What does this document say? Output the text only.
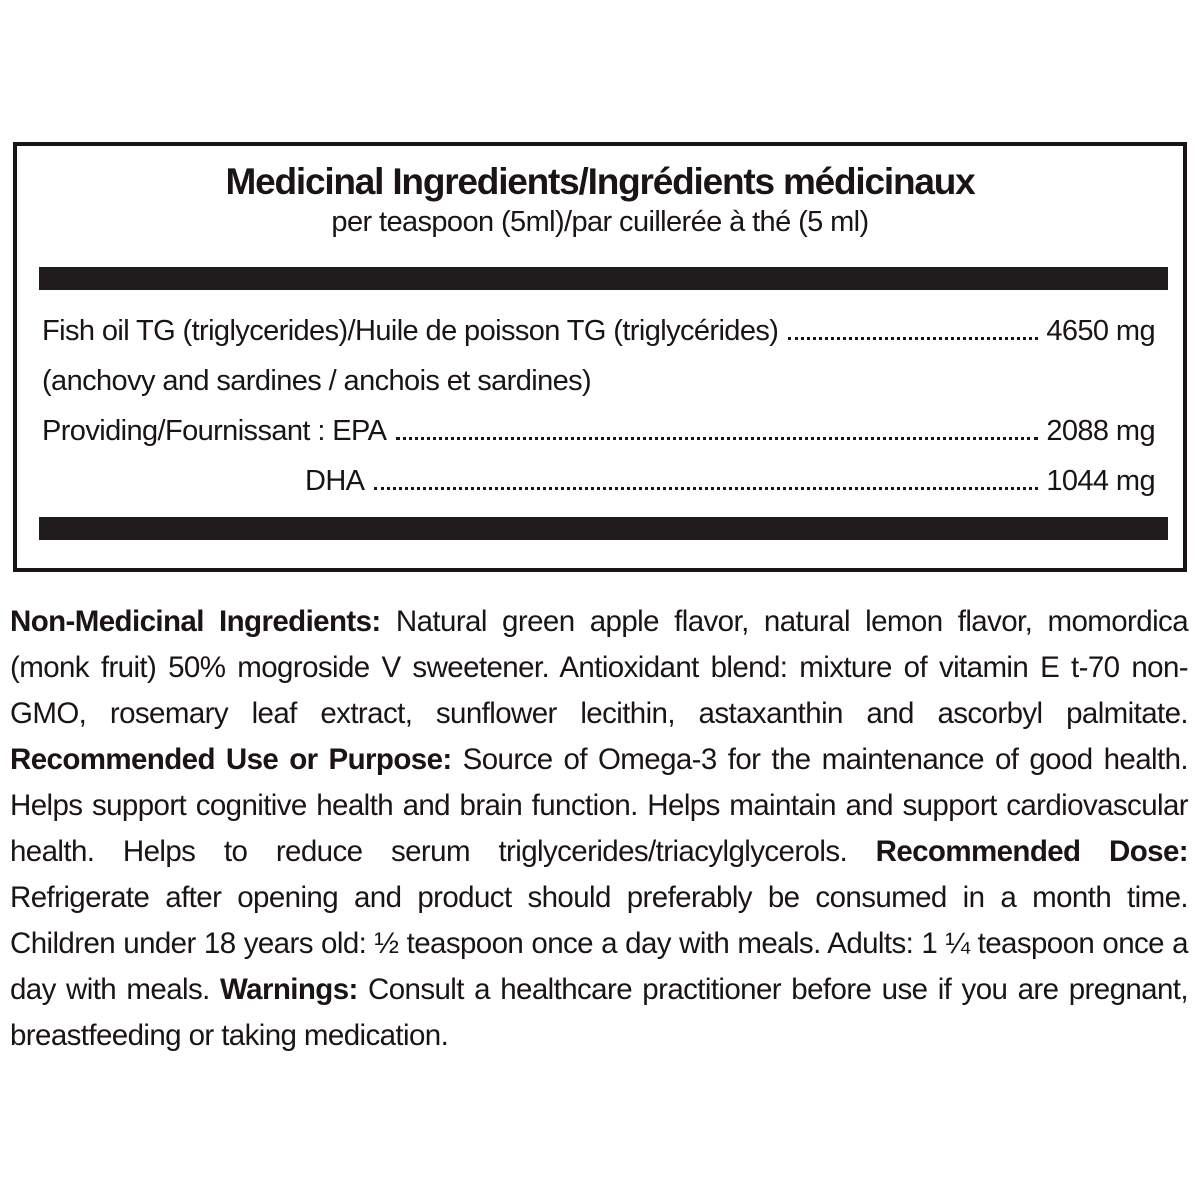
Medicinal Ingredients/Ingrédients médicinaux
per teaspoon (5ml)/par cuillerée à thé (5 ml)
Fish oil TG (triglycerides)/Huile de poisson TG (triglycérides)	4650 mg
(anchovy and sardines / anchois et sardines)
Providing/Fournissant : EPA	2088 mg
DHA	1044 mg
Non-Medicinal Ingredients: Natural green apple flavor, natural lemon flavor, momordica (monk fruit) 50% mogroside V sweetener. Antioxidant blend: mixture of vitamin E t-70 non-GMO, rosemary leaf extract, sunflower lecithin, astaxanthin and ascorbyl palmitate. Recommended Use or Purpose: Source of Omega-3 for the maintenance of good health. Helps support cognitive health and brain function. Helps maintain and support cardiovascular health. Helps to reduce serum triglycerides/triacylglycerols. Recommended Dose: Refrigerate after opening and product should preferably be consumed in a month time. Children under 18 years old: ½ teaspoon once a day with meals. Adults: 1 ¼ teaspoon once a day with meals. Warnings: Consult a healthcare practitioner before use if you are pregnant, breastfeeding or taking medication.
